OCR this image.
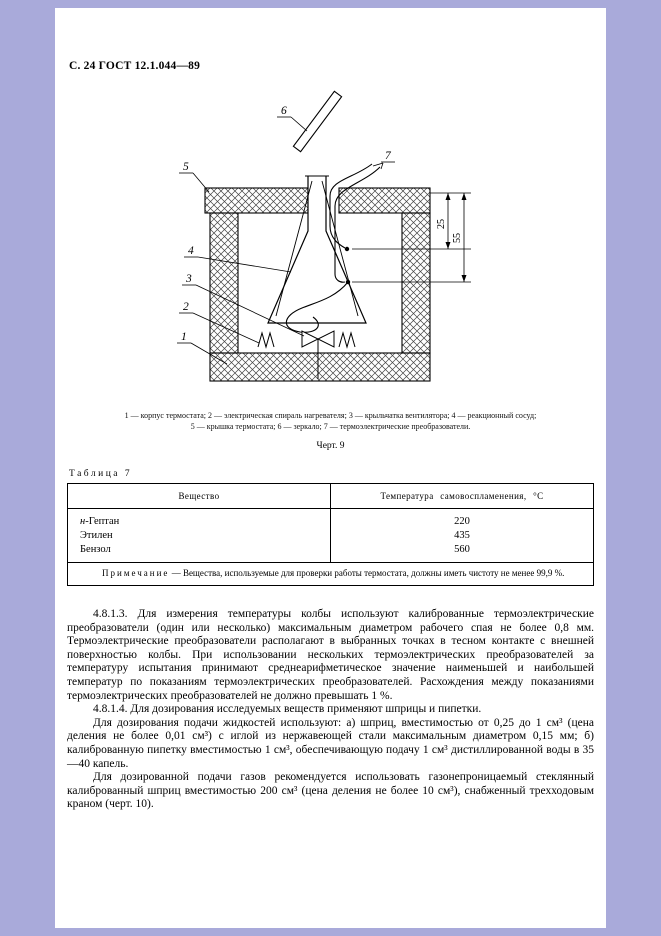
С. 24 ГОСТ 12.1.044—89
25
55
6
7
5
4
3
2
1
1 — корпус термостата; 2 — электрическая спираль нагревателя; 3 — крыльчатка вентилятора; 4 — реакционный сосуд;
5 — крышка термостата; 6 — зеркало; 7 — термоэлектрические преобразователи.
Черт. 9
Таблица 7
Вещество	Температура самовоспламенения, °С
н-Гептан	220
Этилен	435
Бензол	560

Примечание — Вещества, используемые для проверки работы термостата, должны иметь чистоту не менее 99,9 %.	

4.8.1.3. Для измерения температуры колбы используют калиброванные термоэлектрические преобразователи (один или несколько) максимальным диаметром рабочего спая не более 0,8 мм. Термоэлектрические преобразователи располагают в выбранных точках в тесном контакте с внешней поверхностью колбы. При использовании нескольких термоэлектрических преобразователей за температуру испытания принимают среднеарифметическое значение наименьшей и наибольшей температур по показаниям термоэлектрических преобразователей. Расхождения между показаниями термоэлектрических преобразователей не должно превышать 1 %.

4.8.1.4. Для дозирования исследуемых веществ применяют шприцы и пипетки.

Для дозирования подачи жидкостей используют: а) шприц, вместимостью от 0,25 до 1 см³ (цена деления не более 0,01 см³) с иглой из нержавеющей стали максимальным диаметром 0,15 мм; б) калиброванную пипетку вместимостью 1 см³, обеспечивающую подачу 1 см³ дистиллированной воды в 35—40 капель.

Для дозированной подачи газов рекомендуется использовать газонепроницаемый стеклянный калиброванный шприц вместимостью 200 см³ (цена деления не более 10 см³), снабженный трехходовым краном (черт. 10).
